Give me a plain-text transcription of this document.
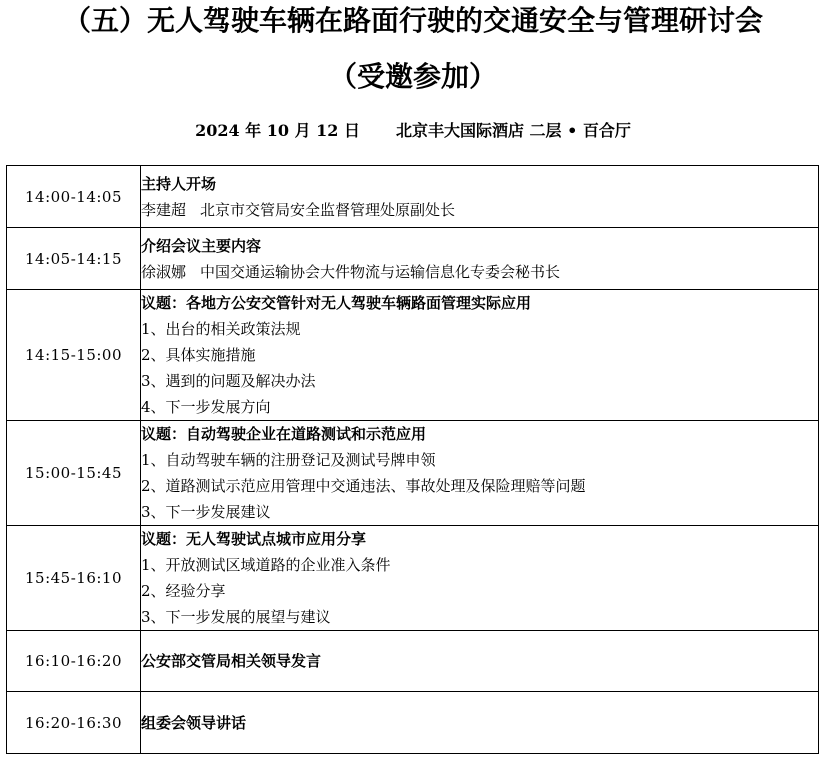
（五）无人驾驶车辆在路面行驶的交通安全与管理研讨会
（受邀参加）
2024 年 10 月 12 日 北京丰大国际酒店 二层 • 百合厅
14:00-14:05	主持人开场
李建超 北京市交管局安全监督管理处原副处长

14:05-14:15	介绍会议主要内容
徐淑娜 中国交通运输协会大件物流与运输信息化专委会秘书长

14:15-15:00	议题：各地方公安交管针对无人驾驶车辆路面管理实际应用
1、出台的相关政策法规
2、具体实施措施
3、遇到的问题及解决办法
4、下一步发展方向

15:00-15:45	议题：自动驾驶企业在道路测试和示范应用
1、自动驾驶车辆的注册登记及测试号牌申领
2、道路测试示范应用管理中交通违法、事故处理及保险理赔等问题
3、下一步发展建议

15:45-16:10	议题：无人驾驶试点城市应用分享
1、开放测试区域道路的企业准入条件
2、经验分享
3、下一步发展的展望与建议

16:10-16:20	公安部交管局相关领导发言

16:20-16:30	组委会领导讲话
